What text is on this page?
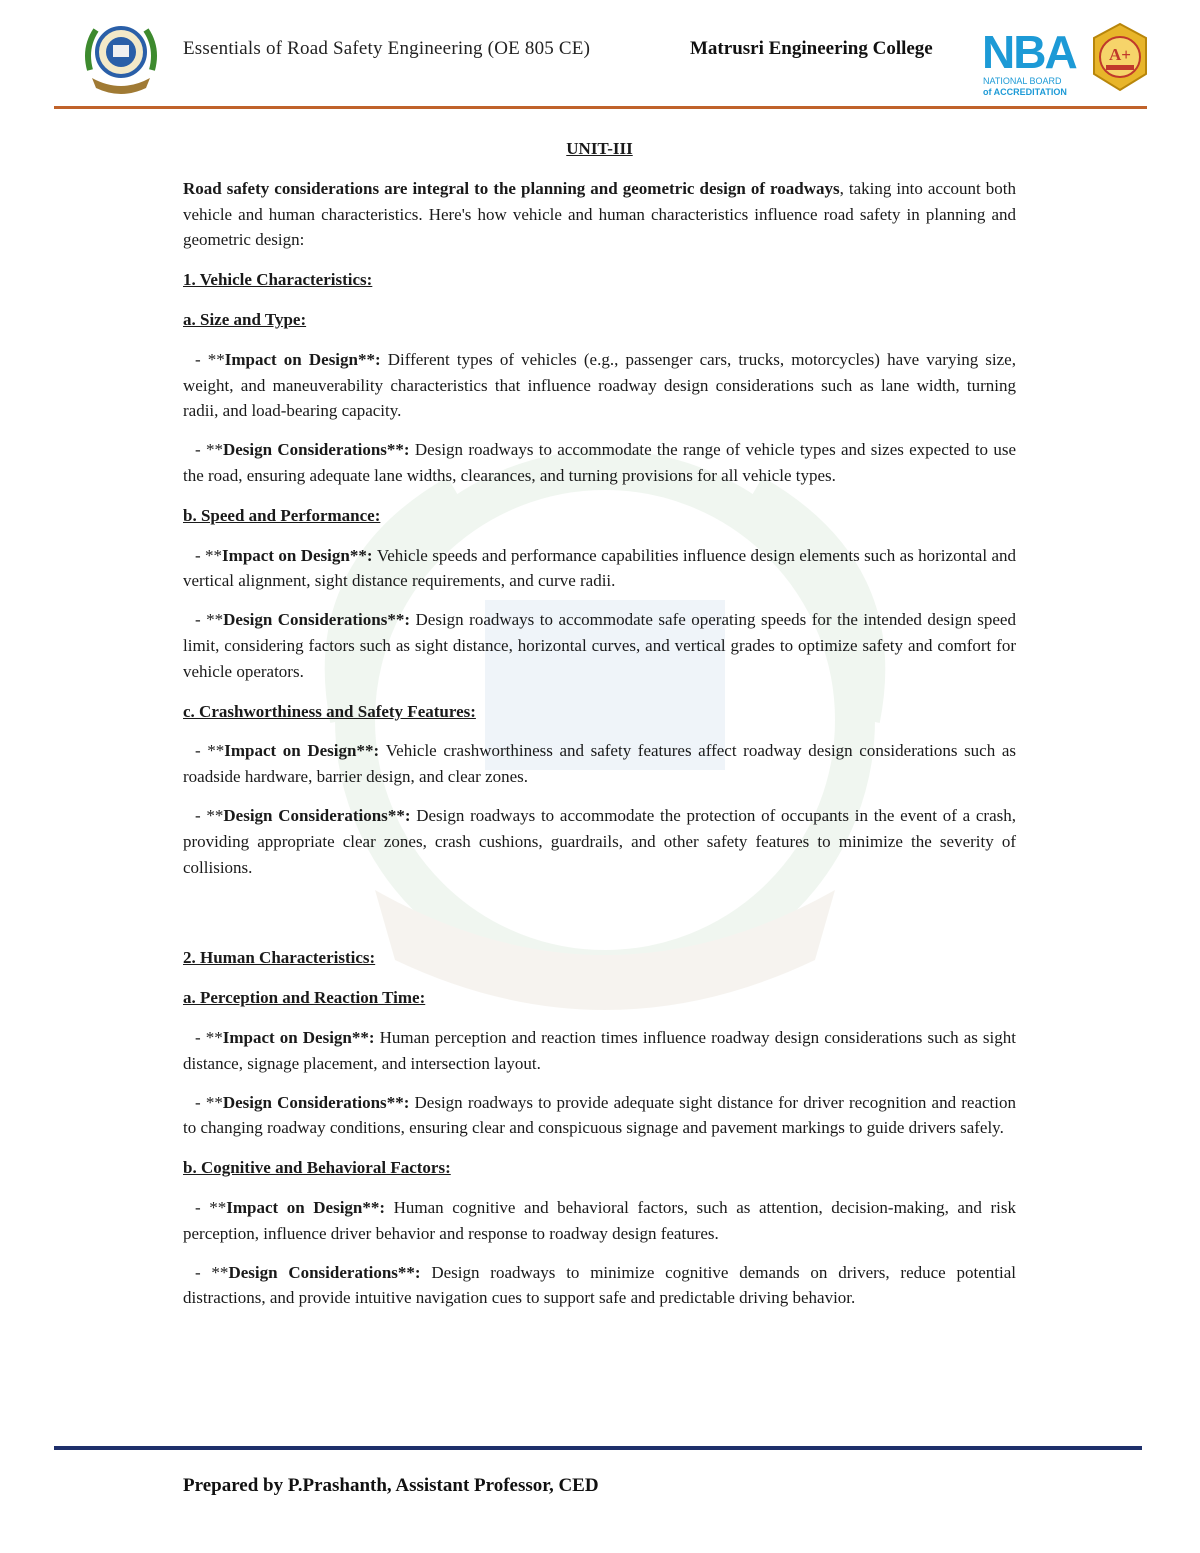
Essentials of Road Safety Engineering (OE 805 CE)	Matrusri Engineering College NBA
NATIONAL BOARD
of ACCREDITATION
A+

UNIT-III

Road safety considerations are integral to the planning and geometric design of roadways, taking into account both vehicle and human characteristics. Here's how vehicle and human characteristics influence road safety in planning and geometric design:

1. Vehicle Characteristics:

a. Size and Type:

- **Impact on Design**: Different types of vehicles (e.g., passenger cars, trucks, motorcycles) have varying size, weight, and maneuverability characteristics that influence roadway design considerations such as lane width, turning radii, and load-bearing capacity.

- **Design Considerations**: Design roadways to accommodate the range of vehicle types and sizes expected to use the road, ensuring adequate lane widths, clearances, and turning provisions for all vehicle types.

b. Speed and Performance:

- **Impact on Design**: Vehicle speeds and performance capabilities influence design elements such as horizontal and vertical alignment, sight distance requirements, and curve radii.

- **Design Considerations**: Design roadways to accommodate safe operating speeds for the intended design speed limit, considering factors such as sight distance, horizontal curves, and vertical grades to optimize safety and comfort for vehicle operators.

c. Crashworthiness and Safety Features:

- **Impact on Design**: Vehicle crashworthiness and safety features affect roadway design considerations such as roadside hardware, barrier design, and clear zones.

- **Design Considerations**: Design roadways to accommodate the protection of occupants in the event of a crash, providing appropriate clear zones, crash cushions, guardrails, and other safety features to minimize the severity of collisions.

2. Human Characteristics:

a. Perception and Reaction Time:

- **Impact on Design**: Human perception and reaction times influence roadway design considerations such as sight distance, signage placement, and intersection layout.

- **Design Considerations**: Design roadways to provide adequate sight distance for driver recognition and reaction to changing roadway conditions, ensuring clear and conspicuous signage and pavement markings to guide drivers safely.

b. Cognitive and Behavioral Factors:

- **Impact on Design**: Human cognitive and behavioral factors, such as attention, decision-making, and risk perception, influence driver behavior and response to roadway design features.

- **Design Considerations**: Design roadways to minimize cognitive demands on drivers, reduce potential distractions, and provide intuitive navigation cues to support safe and predictable driving behavior.

Prepared by P.Prashanth, Assistant Professor, CED
